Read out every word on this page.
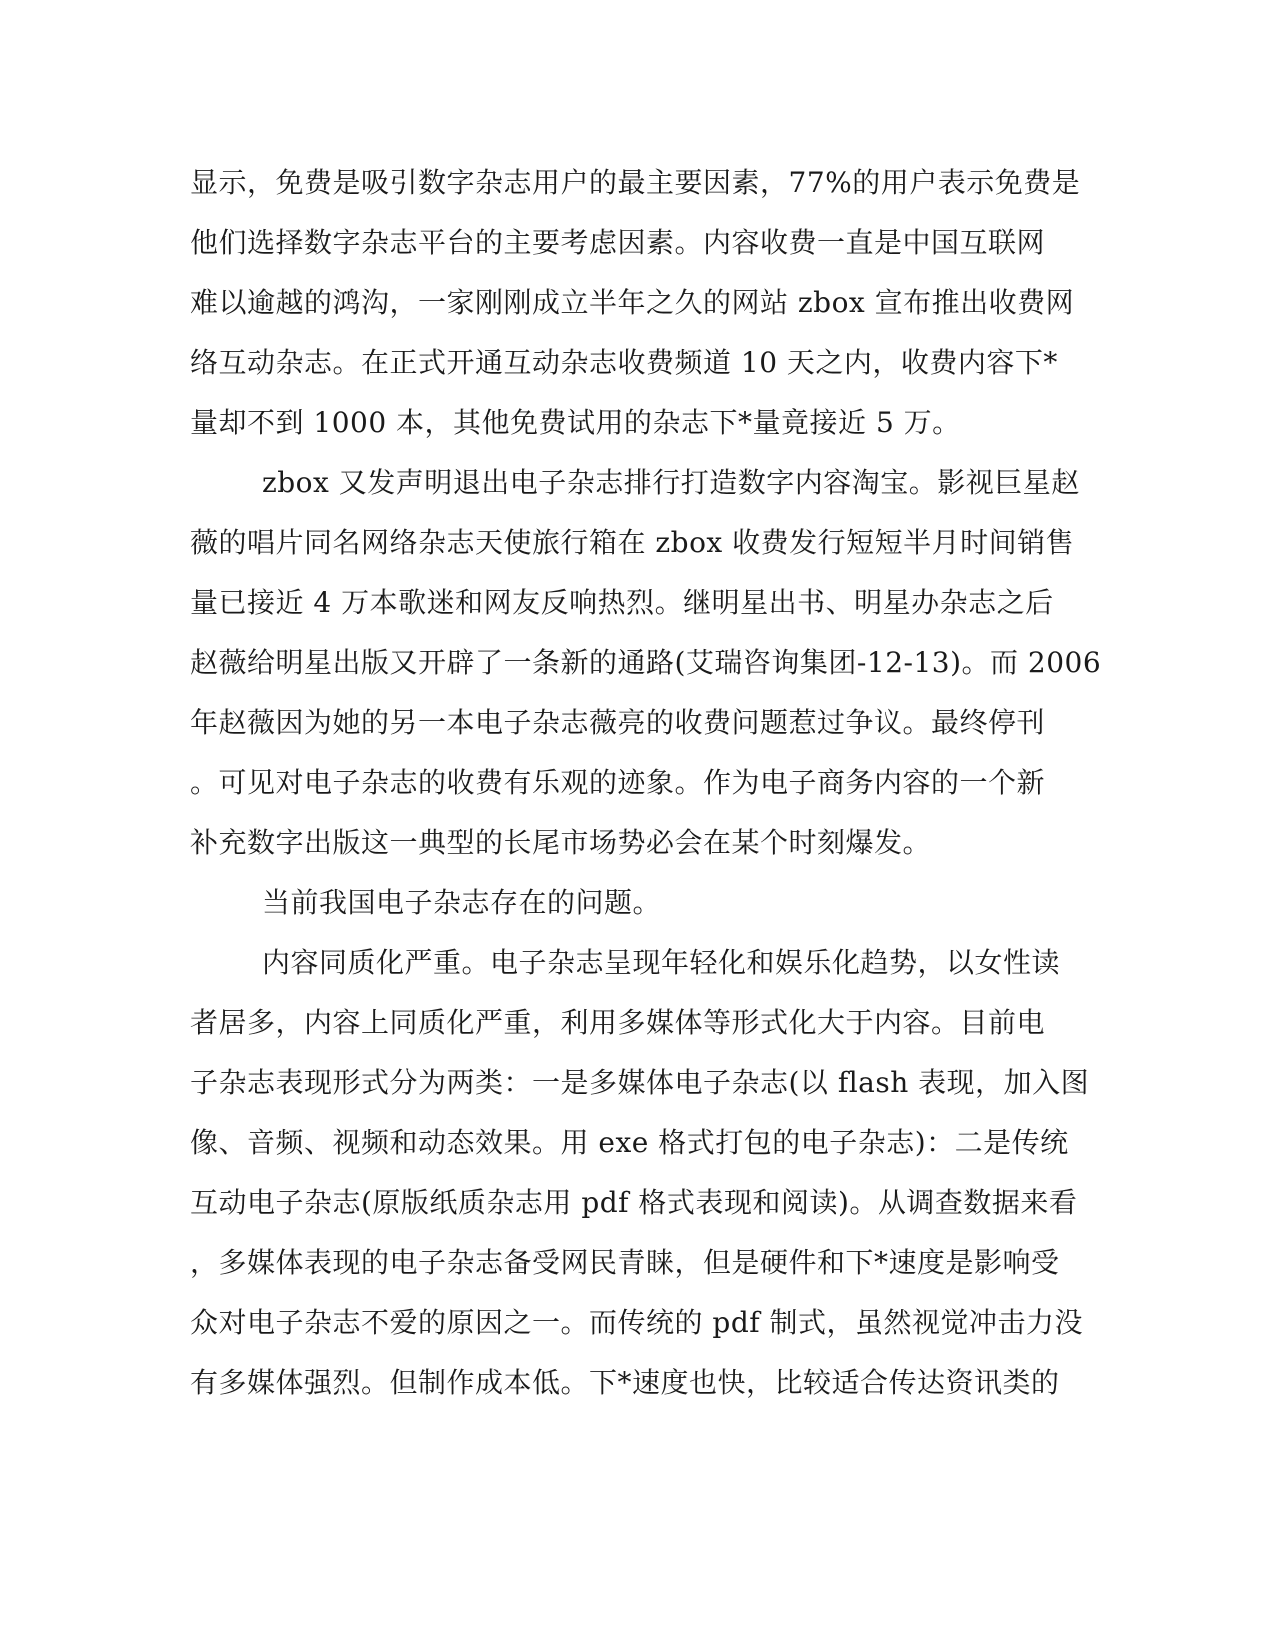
显示，免费是吸引数字杂志用户的最主要因素，77%的用户表示免费是
他们选择数字杂志平台的主要考虑因素。内容收费一直是中国互联网
难以逾越的鸿沟，一家刚刚成立半年之久的网站 zbox 宣布推出收费网
络互动杂志。在正式开通互动杂志收费频道 10 天之内，收费内容下*
量却不到 1000 本，其他免费试用的杂志下*量竟接近 5 万。
zbox 又发声明退出电子杂志排行打造数字内容淘宝。影视巨星赵
薇的唱片同名网络杂志天使旅行箱在 zbox 收费发行短短半月时间销售
量已接近 4 万本歌迷和网友反响热烈。继明星出书、明星办杂志之后
赵薇给明星出版又开辟了一条新的通路(艾瑞咨询集团-12-13)。而 2006
年赵薇因为她的另一本电子杂志薇亮的收费问题惹过争议。最终停刊
。可见对电子杂志的收费有乐观的迹象。作为电子商务内容的一个新
补充数字出版这一典型的长尾市场势必会在某个时刻爆发。
当前我国电子杂志存在的问题。
内容同质化严重。电子杂志呈现年轻化和娱乐化趋势，以女性读
者居多，内容上同质化严重，利用多媒体等形式化大于内容。目前电
子杂志表现形式分为两类：一是多媒体电子杂志(以 flash 表现，加入图
像、音频、视频和动态效果。用 exe 格式打包的电子杂志)：二是传统
互动电子杂志(原版纸质杂志用 pdf 格式表现和阅读)。从调查数据来看
，多媒体表现的电子杂志备受网民青睐，但是硬件和下*速度是影响受
众对电子杂志不爱的原因之一。而传统的 pdf 制式，虽然视觉冲击力没
有多媒体强烈。但制作成本低。下*速度也快，比较适合传达资讯类的
